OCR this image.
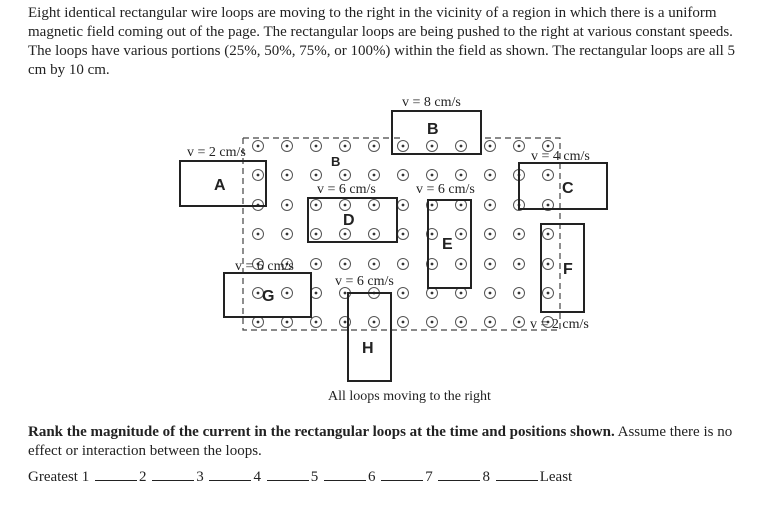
Eight identical rectangular wire loops are moving to the right in the vicinity of a region in which there is a uniform magnetic field coming out of the page. The rectangular loops are being pushed to the right at various constant speeds. The loops have various portions (25%, 50%, 75%, or 100%) within the field as shown. The rectangular loops are all 5 cm by 10 cm.
A
B
B
C
D
E
F
G
H
v = 2 cm/s
v = 8 cm/s
v = 4 cm/s
v = 6 cm/s	v = 6 cm/s
v = 2 cm/s
v = 6 cm/s
v = 6 cm/s
All loops moving to the right
Rank the magnitude of the current in the rectangular loops at the time and positions shown. Assume there is no effect or interaction between the loops.
Greatest 1	2	3	4	5	6	7	8	Least
